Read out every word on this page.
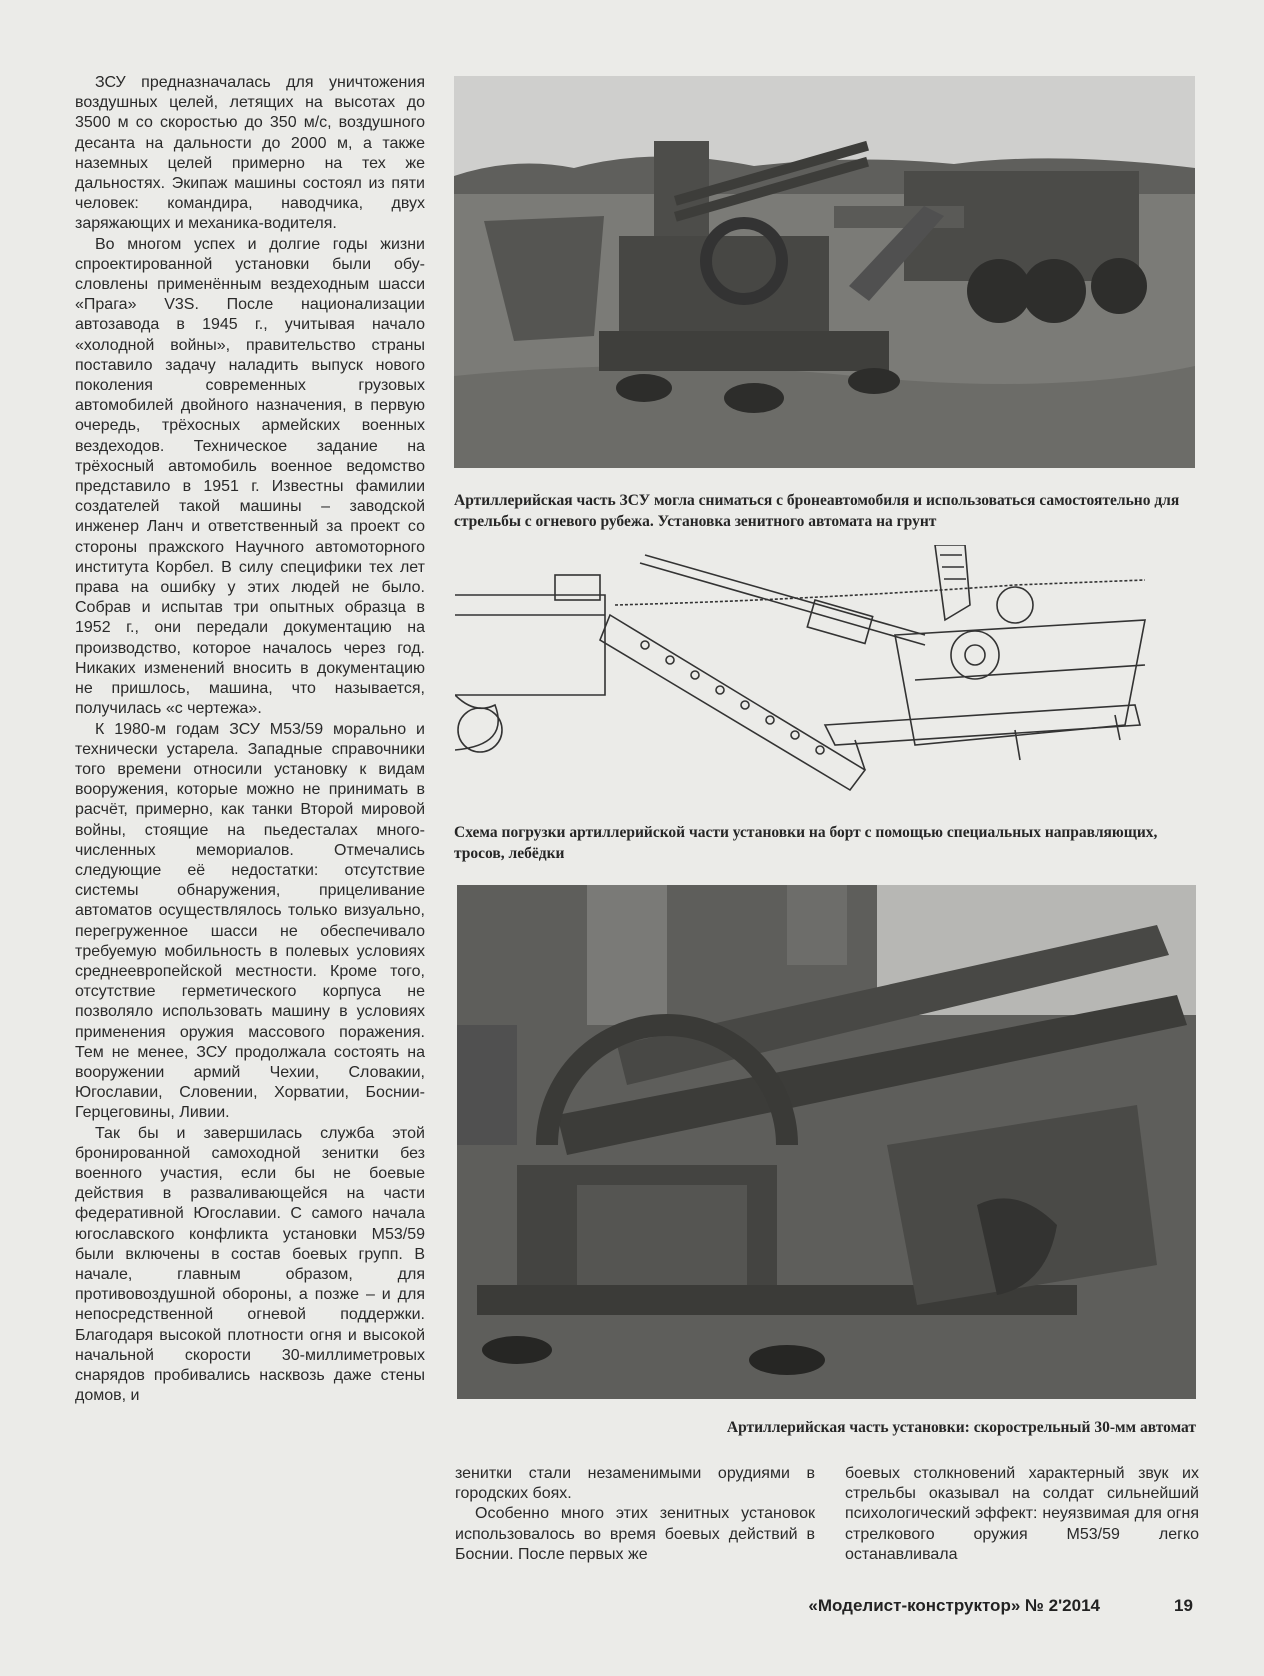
ЗСУ предназначалась для уничтожения воздушных целей, летящих на высотах до 3500 м со скоростью до 350 м/с, воздушного десанта на дальности до 2000 м, а также наземных целей примерно на тех же дальностях. Экипаж машины состоял из пяти человек: командира, наводчика, двух заряжающих и механика-водителя.

Во многом успех и долгие годы жизни спроектированной установки были обусловлены применённым вездеходным шасси «Прага» V3S. После национализации автозавода в 1945 г., учитывая начало «холодной войны», правительство страны поставило задачу наладить выпуск нового поколения современных грузовых автомобилей двойного назначения, в первую очередь, трёхосных армейских военных вездеходов. Техническое задание на трёхосный автомобиль военное ведомство представило в 1951 г. Известны фамилии создателей такой машины – заводской инженер Ланч и ответственный за проект со стороны пражского Научного автомоторного института Корбел. В силу специфики тех лет права на ошибку у этих людей не было. Собрав и испытав три опытных образца в 1952 г., они передали документацию на производство, которое началось через год. Никаких изменений вносить в документацию не пришлось, машина, что называется, получилась «с чертежа».

К 1980-м годам ЗСУ М53/59 морально и технически устарела. Западные справочники того времени относили установку к видам вооружения, которые можно не принимать в расчёт, примерно, как танки Второй мировой войны, стоящие на пьедесталах многочисленных мемориалов. Отмечались следующие её недостатки: отсутствие системы обнаружения, прицеливание автоматов осуществлялось только визуально, перегруженное шасси не обеспечивало требуемую мобильность в полевых условиях среднеевропейской местности. Кроме того, отсутствие герметического корпуса не позволяло использовать машину в условиях применения оружия массового поражения. Тем не менее, ЗСУ продолжала состоять на вооружении армий Чехии, Словакии, Югославии, Словении, Хорватии, Боснии-Герцеговины, Ливии.

Так бы и завершилась служба этой бронированной самоходной зенитки без военного участия, если бы не боевые действия в разваливающейся на части федеративной Югославии. С самого начала югославского конфликта установки М53/59 были включены в состав боевых групп. В начале, главным образом, для противовоздушной обороны, а позже – и для непосредственной огневой поддержки. Благодаря высокой плотности огня и высокой начальной скорости 30-миллиметровых снарядов пробивались насквозь даже стены домов, и

Артиллерийская часть ЗСУ могла сниматься с бронеавтомобиля и использоваться самостоятельно для стрельбы с огневого рубежа. Установка зенитного автомата на грунт
Схема погрузки артиллерийской части установки на борт с помощью специальных направляющих, тросов, лебёдки
Артиллерийская часть установки: скорострельный 30-мм автомат

зенитки стали незаменимыми орудиями в городских боях.

Особенно много этих зенитных установок использовалось во время боевых действий в Боснии. После первых же

боевых столкновений характерный звук их стрельбы оказывал на солдат сильнейший психологический эффект: неуязвимая для огня стрелкового оружия М53/59 легко останавливала

«Моделист-конструктор» № 2'2014	19
